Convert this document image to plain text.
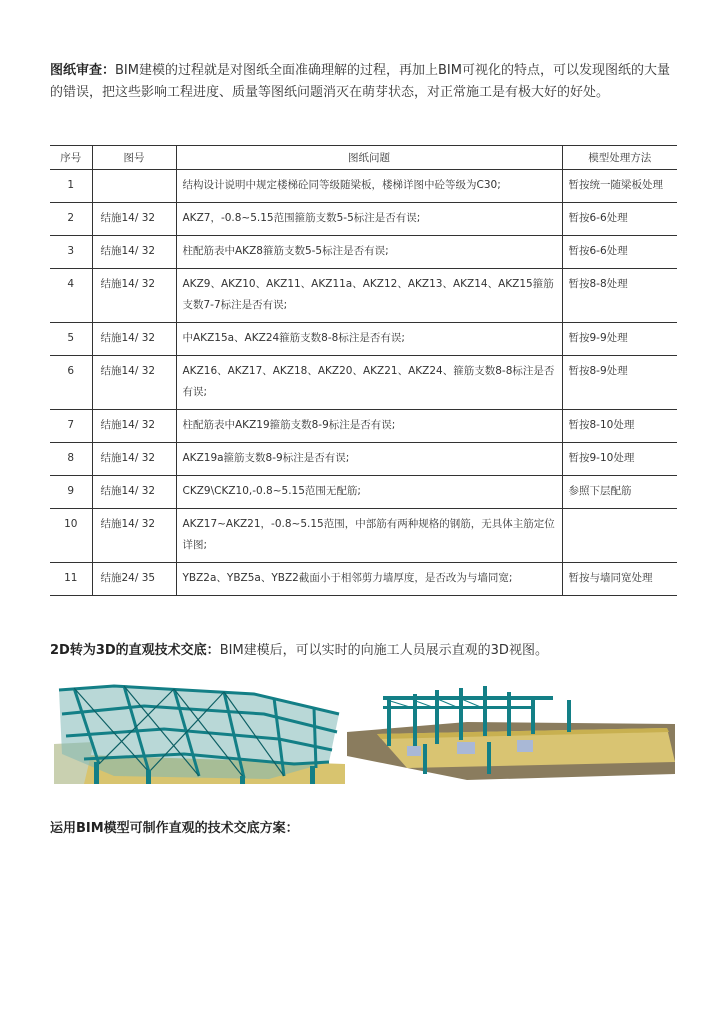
图纸审查：BIM建模的过程就是对图纸全面准确理解的过程，再加上BIM可视化的特点，可以发现图纸的大量的错误，把这些影响工程进度、质量等图纸问题消灭在萌芽状态，对正常施工是有极大好的好处。

序号	图号	图纸问题	模型处理方法
1		结构设计说明中规定楼梯砼同等级随梁板，楼梯详图中砼等级为C30;	暂按统一随梁板处理
2	结施14/ 32	AKZ7，-0.8~5.15范围箍筋支数5-5标注是否有误;	暂按6-6处理
3	结施14/ 32	柱配筋表中AKZ8箍筋支数5-5标注是否有误;	暂按6-6处理
4	结施14/ 32	AKZ9、AKZ10、AKZ11、AKZ11a、AKZ12、AKZ13、AKZ14、AKZ15箍筋支数7-7标注是否有误;	暂按8-8处理
5	结施14/ 32	中AKZ15a、AKZ24箍筋支数8-8标注是否有误;	暂按9-9处理
6	结施14/ 32	AKZ16、AKZ17、AKZ18、AKZ20、AKZ21、AKZ24、箍筋支数8-8标注是否有误;	暂按8-9处理
7	结施14/ 32	柱配筋表中AKZ19箍筋支数8-9标注是否有误;	暂按8-10处理
8	结施14/ 32	AKZ19a箍筋支数8-9标注是否有误;	暂按9-10处理
9	结施14/ 32	CKZ9\CKZ10,-0.8~5.15范围无配筋;	参照下层配筋
10	结施14/ 32	AKZ17~AKZ21，-0.8~5.15范围，中部筋有两种规格的钢筋，无具体主筋定位详图;	
11	结施24/ 35	YBZ2a、YBZ5a、YBZ2截面小于相邻剪力墙厚度，是否改为与墙同宽;	暂按与墙同宽处理

2D转为3D的直观技术交底：BIM建模后，可以实时的向施工人员展示直观的3D视图。

运用BIM模型可制作直观的技术交底方案：
